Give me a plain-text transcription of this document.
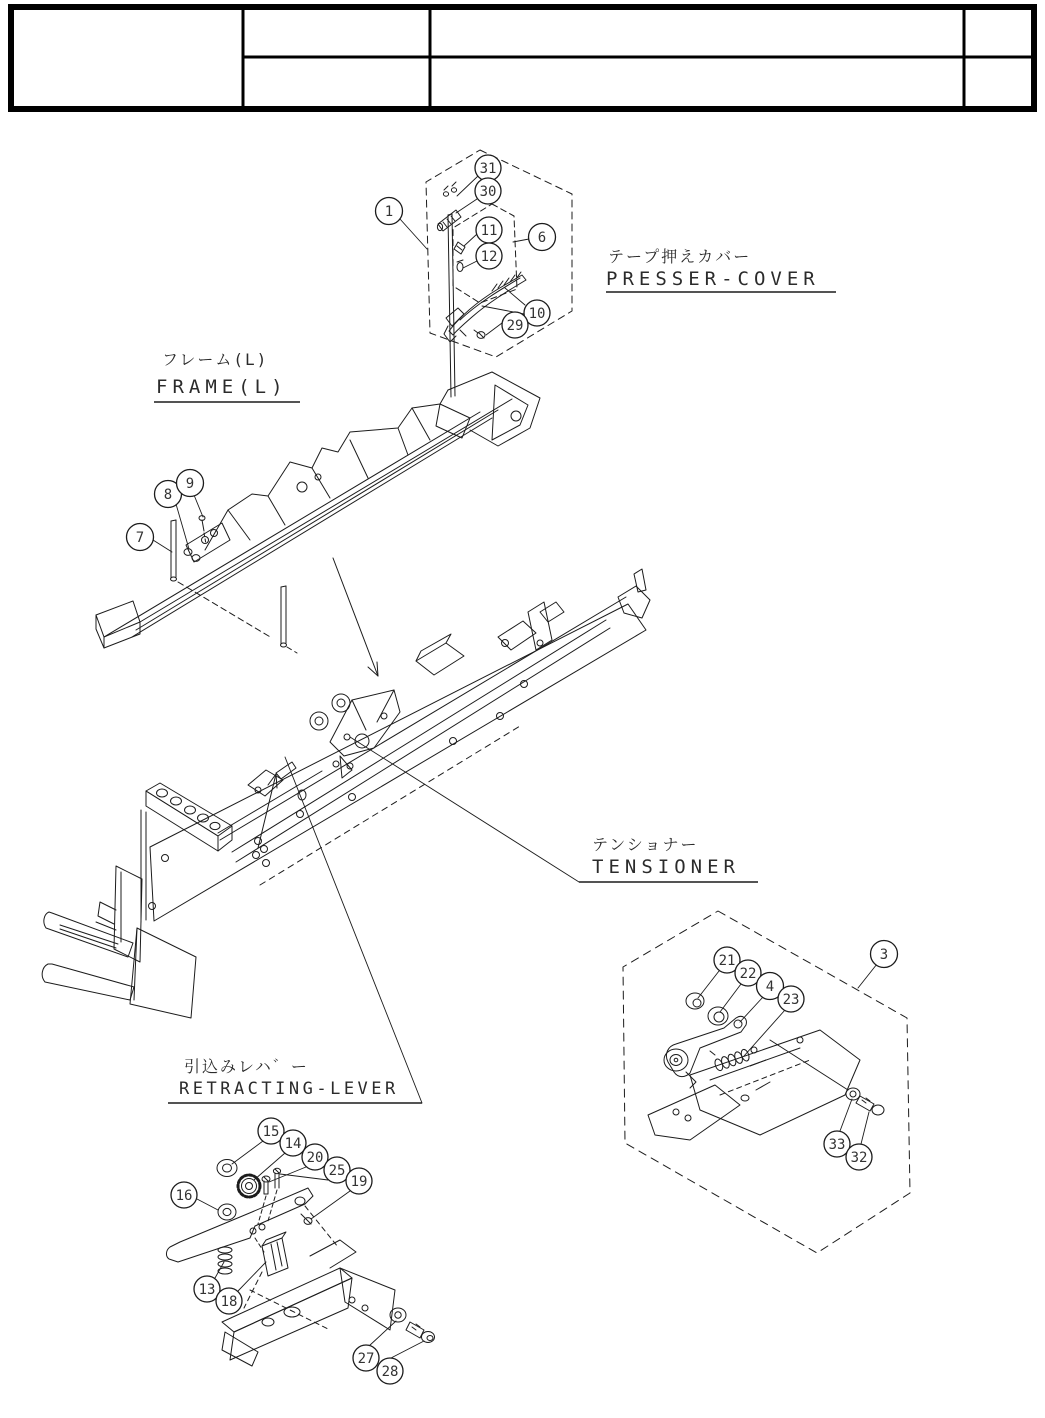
1
31
30
11
12
6
10
29
7
8
9
3
21
22
4
23
33
32
15
14
20
25
19
16
13
18
27
28
テープ押えカバー
PRESSER-COVER
フレーム(L)
FRAME(L)
テンショナー
TENSIONER
引込みレハ゛ー
RETRACTING-LEVER
